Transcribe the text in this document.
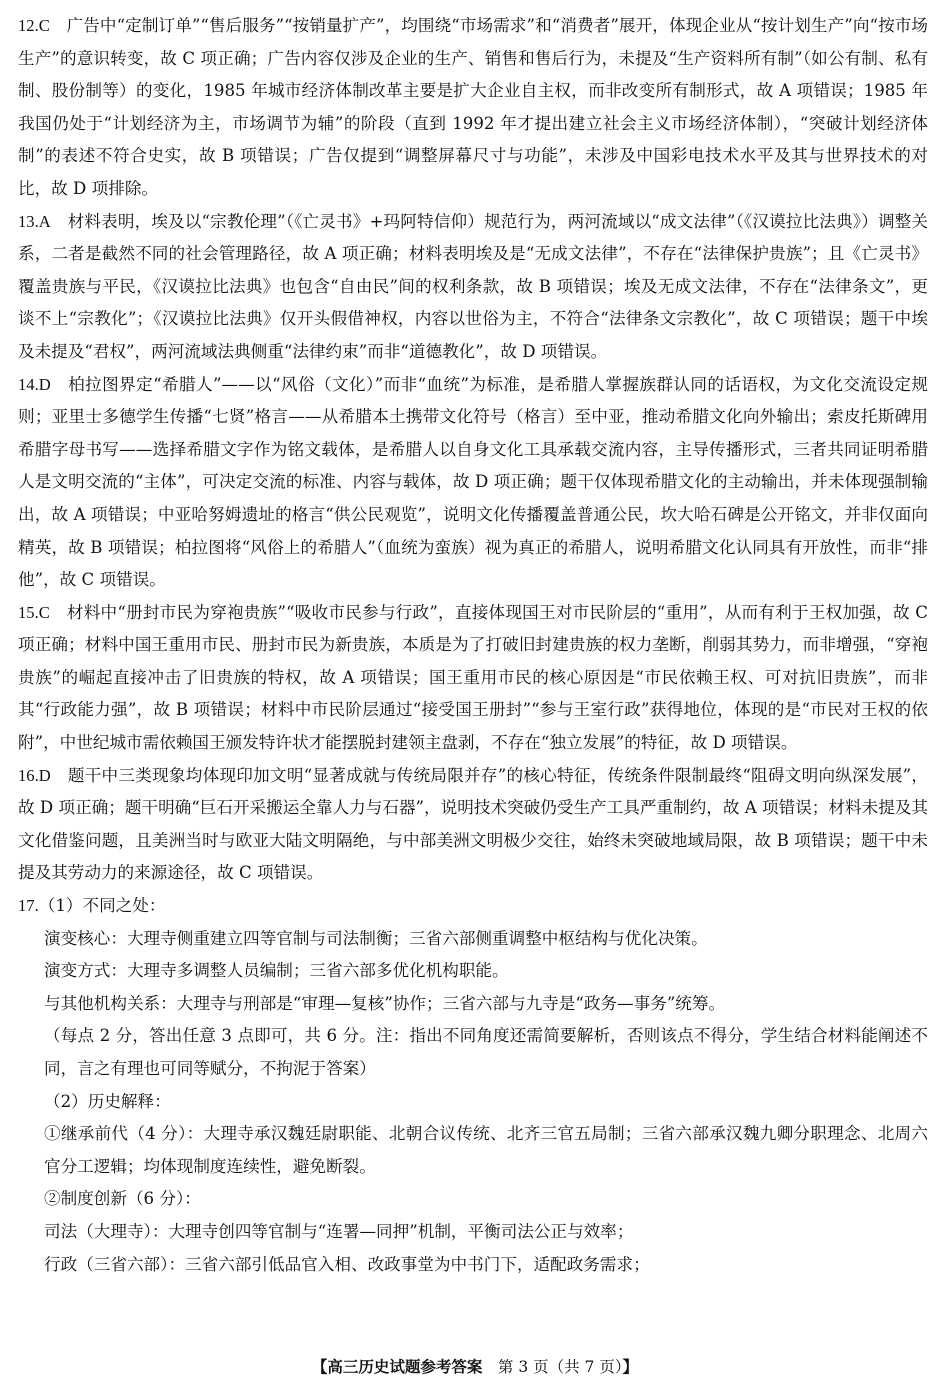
12.C　 广告中“定制订单”“售后服务”“按销量扩产”，均围绕“市场需求”和“消费者”展开，体现企业从“按计划生产”向“按市场生产”的意识转变，故 C 项正确；广告内容仅涉及企业的生产、销售和售后行为，未提及“生产资料所有制”（如公有制、私有制、股份制等）的变化，1985 年城市经济体制改革主要是扩大企业自主权，而非改变所有制形式，故 A 项错误；1985 年我国仍处于“计划经济为主，市场调节为辅”的阶段（直到 1992 年才提出建立社会主义市场经济体制），“突破计划经济体制”的表述不符合史实，故 B 项错误；广告仅提到“调整屏幕尺寸与功能”，未涉及中国彩电技术水平及其与世界技术的对比，故 D 项排除。

13.A　 材料表明，埃及以“宗教伦理”（《亡灵书》+玛阿特信仰）规范行为，两河流域以“成文法律”（《汉谟拉比法典》）调整关系，二者是截然不同的社会管理路径，故 A 项正确；材料表明埃及是“无成文法律”，不存在“法律保护贵族”；且《亡灵书》覆盖贵族与平民，《汉谟拉比法典》也包含“自由民”间的权利条款，故 B 项错误；埃及无成文法律，不存在“法律条文”，更谈不上“宗教化”；《汉谟拉比法典》仅开头假借神权，内容以世俗为主，不符合“法律条文宗教化”，故 C 项错误；题干中埃及未提及“君权”，两河流域法典侧重“法律约束”而非“道德教化”，故 D 项错误。

14.D　 柏拉图界定“希腊人”——以“风俗（文化）”而非“血统”为标准，是希腊人掌握族群认同的话语权，为文化交流设定规则；亚里士多德学生传播“七贤”格言——从希腊本土携带文化符号（格言）至中亚，推动希腊文化向外输出；索皮托斯碑用希腊字母书写——选择希腊文字作为铭文载体，是希腊人以自身文化工具承载交流内容，主导传播形式，三者共同证明希腊人是文明交流的“主体”，可决定交流的标准、内容与载体，故 D 项正确；题干仅体现希腊文化的主动输出，并未体现强制输出，故 A 项错误；中亚哈努姆遗址的格言“供公民观览”，说明文化传播覆盖普通公民，坎大哈石碑是公开铭文，并非仅面向精英，故 B 项错误；柏拉图将“风俗上的希腊人”（血统为蛮族）视为真正的希腊人，说明希腊文化认同具有开放性，而非“排他”，故 C 项错误。

15.C　 材料中“册封市民为穿袍贵族”“吸收市民参与行政”，直接体现国王对市民阶层的“重用”，从而有利于王权加强，故 C 项正确；材料中国王重用市民、册封市民为新贵族，本质是为了打破旧封建贵族的权力垄断，削弱其势力，而非增强，“穿袍贵族”的崛起直接冲击了旧贵族的特权，故 A 项错误；国王重用市民的核心原因是“市民依赖王权、可对抗旧贵族”，而非其“行政能力强”，故 B 项错误；材料中市民阶层通过“接受国王册封”“参与王室行政”获得地位，体现的是“市民对王权的依附”，中世纪城市需依赖国王颁发特许状才能摆脱封建领主盘剥，不存在“独立发展”的特征，故 D 项错误。

16.D　 题干中三类现象均体现印加文明“显著成就与传统局限并存”的核心特征，传统条件限制最终“阻碍文明向纵深发展”，故 D 项正确；题干明确“巨石开采搬运全靠人力与石器”，说明技术突破仍受生产工具严重制约，故 A 项错误；材料未提及其文化借鉴问题，且美洲当时与欧亚大陆文明隔绝，与中部美洲文明极少交往，始终未突破地域局限，故 B 项错误；题干中未提及其劳动力的来源途径，故 C 项错误。

17.（1）不同之处：

演变核心：大理寺侧重建立四等官制与司法制衡；三省六部侧重调整中枢结构与优化决策。

演变方式：大理寺多调整人员编制；三省六部多优化机构职能。

与其他机构关系：大理寺与刑部是“审理—复核”协作；三省六部与九寺是“政务—事务”统筹。

（每点 2 分，答出任意 3 点即可，共 6 分。注：指出不同角度还需简要解析，否则该点不得分，学生结合材料能阐述不同，言之有理也可同等赋分，不拘泥于答案）

（2）历史解释：

①继承前代（4 分）：大理寺承汉魏廷尉职能、北朝合议传统、北齐三官五局制；三省六部承汉魏九卿分职理念、北周六官分工逻辑；均体现制度连续性，避免断裂。

②制度创新（6 分）：

司法（大理寺）：大理寺创四等官制与“连署—同押”机制，平衡司法公正与效率；

行政（三省六部）：三省六部引低品官入相、改政事堂为中书门下，适配政务需求；

【高三历史试题参考答案　 第 3 页（共 7 页）】
